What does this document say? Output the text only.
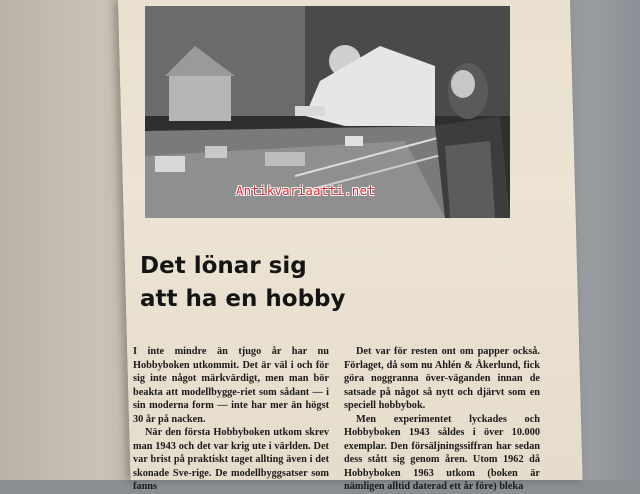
Antikvariaatti.net
Det lönar sig
att ha en hobby

I inte mindre än tjugo år har nu Hobbyboken utkommit. Det är väl i och för sig inte något märkvärdigt, men man bör beakta att modellbygge-riet som sådant — i sin moderna form — inte har mer än högst 30 år på nacken.

När den första Hobbyboken utkom skrev man 1943 och det var krig ute i världen. Det var brist på praktiskt taget allting även i det skonade Sve-rige. De modellbyggsatser som fanns

Det var för resten ont om papper också. Förlaget, då som nu Ahlén & Åkerlund, fick göra noggranna över-väganden innan de satsade på något så nytt och djärvt som en speciell hobbybok.

Men experimentet lyckades och Hobbyboken 1943 såldes i över 10.000 exemplar. Den försäljningssiffran har sedan dess stått sig genom åren. Utom 1962 då Hobbyboken 1963 utkom (boken är nämligen alltid daterad ett år före) bleka
